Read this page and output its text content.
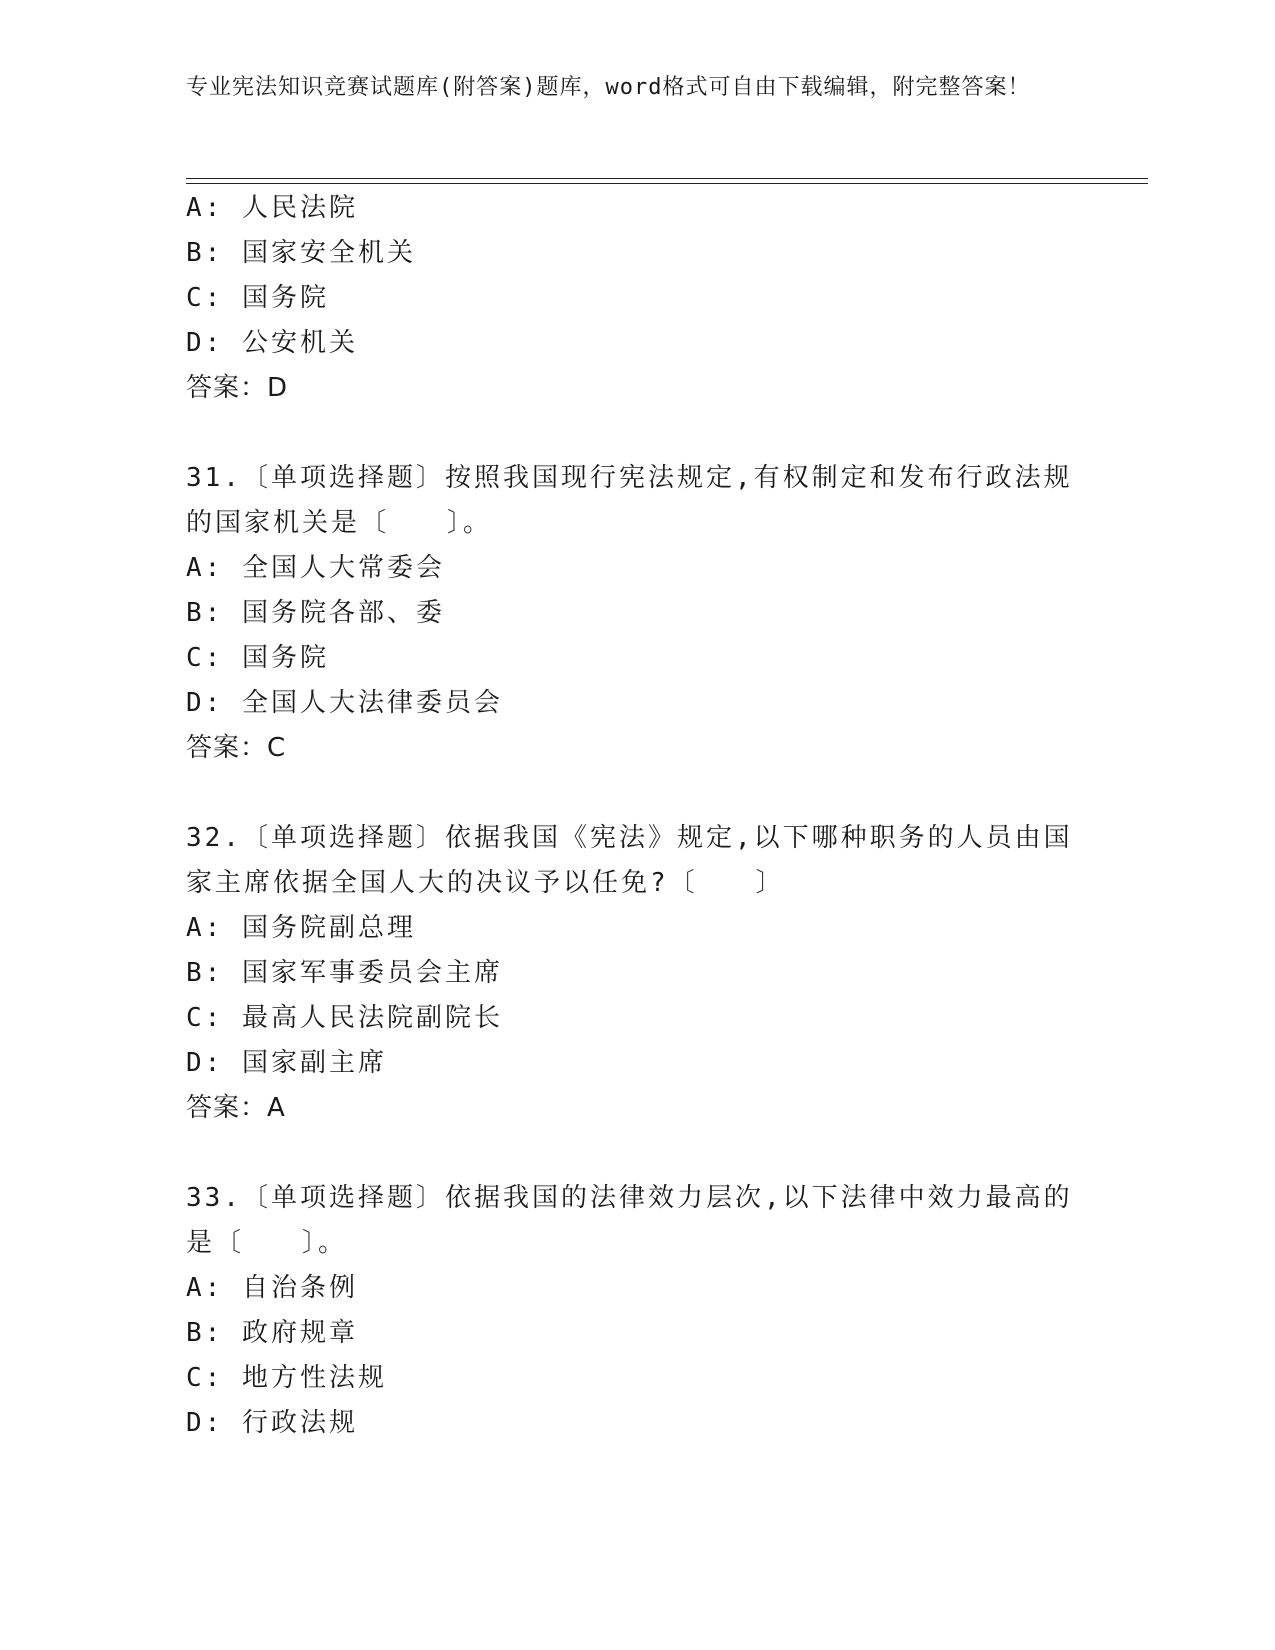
专业宪法知识竞赛试题库(附答案)题库，word格式可自由下载编辑，附完整答案！
A: 人民法院
B: 国家安全机关
C: 国务院
D: 公安机关
答案：D
31.〔单项选择题〕按照我国现行宪法规定,有权制定和发布行政法规
的国家机关是〔　　〕。
A: 全国人大常委会
B: 国务院各部、委
C: 国务院
D: 全国人大法律委员会
答案：C
32.〔单项选择题〕依据我国《宪法》规定,以下哪种职务的人员由国
家主席依据全国人大的决议予以任免?〔　　〕
A: 国务院副总理
B: 国家军事委员会主席
C: 最高人民法院副院长
D: 国家副主席
答案：A
33.〔单项选择题〕依据我国的法律效力层次,以下法律中效力最高的
是〔　　〕。
A: 自治条例
B: 政府规章
C: 地方性法规
D: 行政法规
